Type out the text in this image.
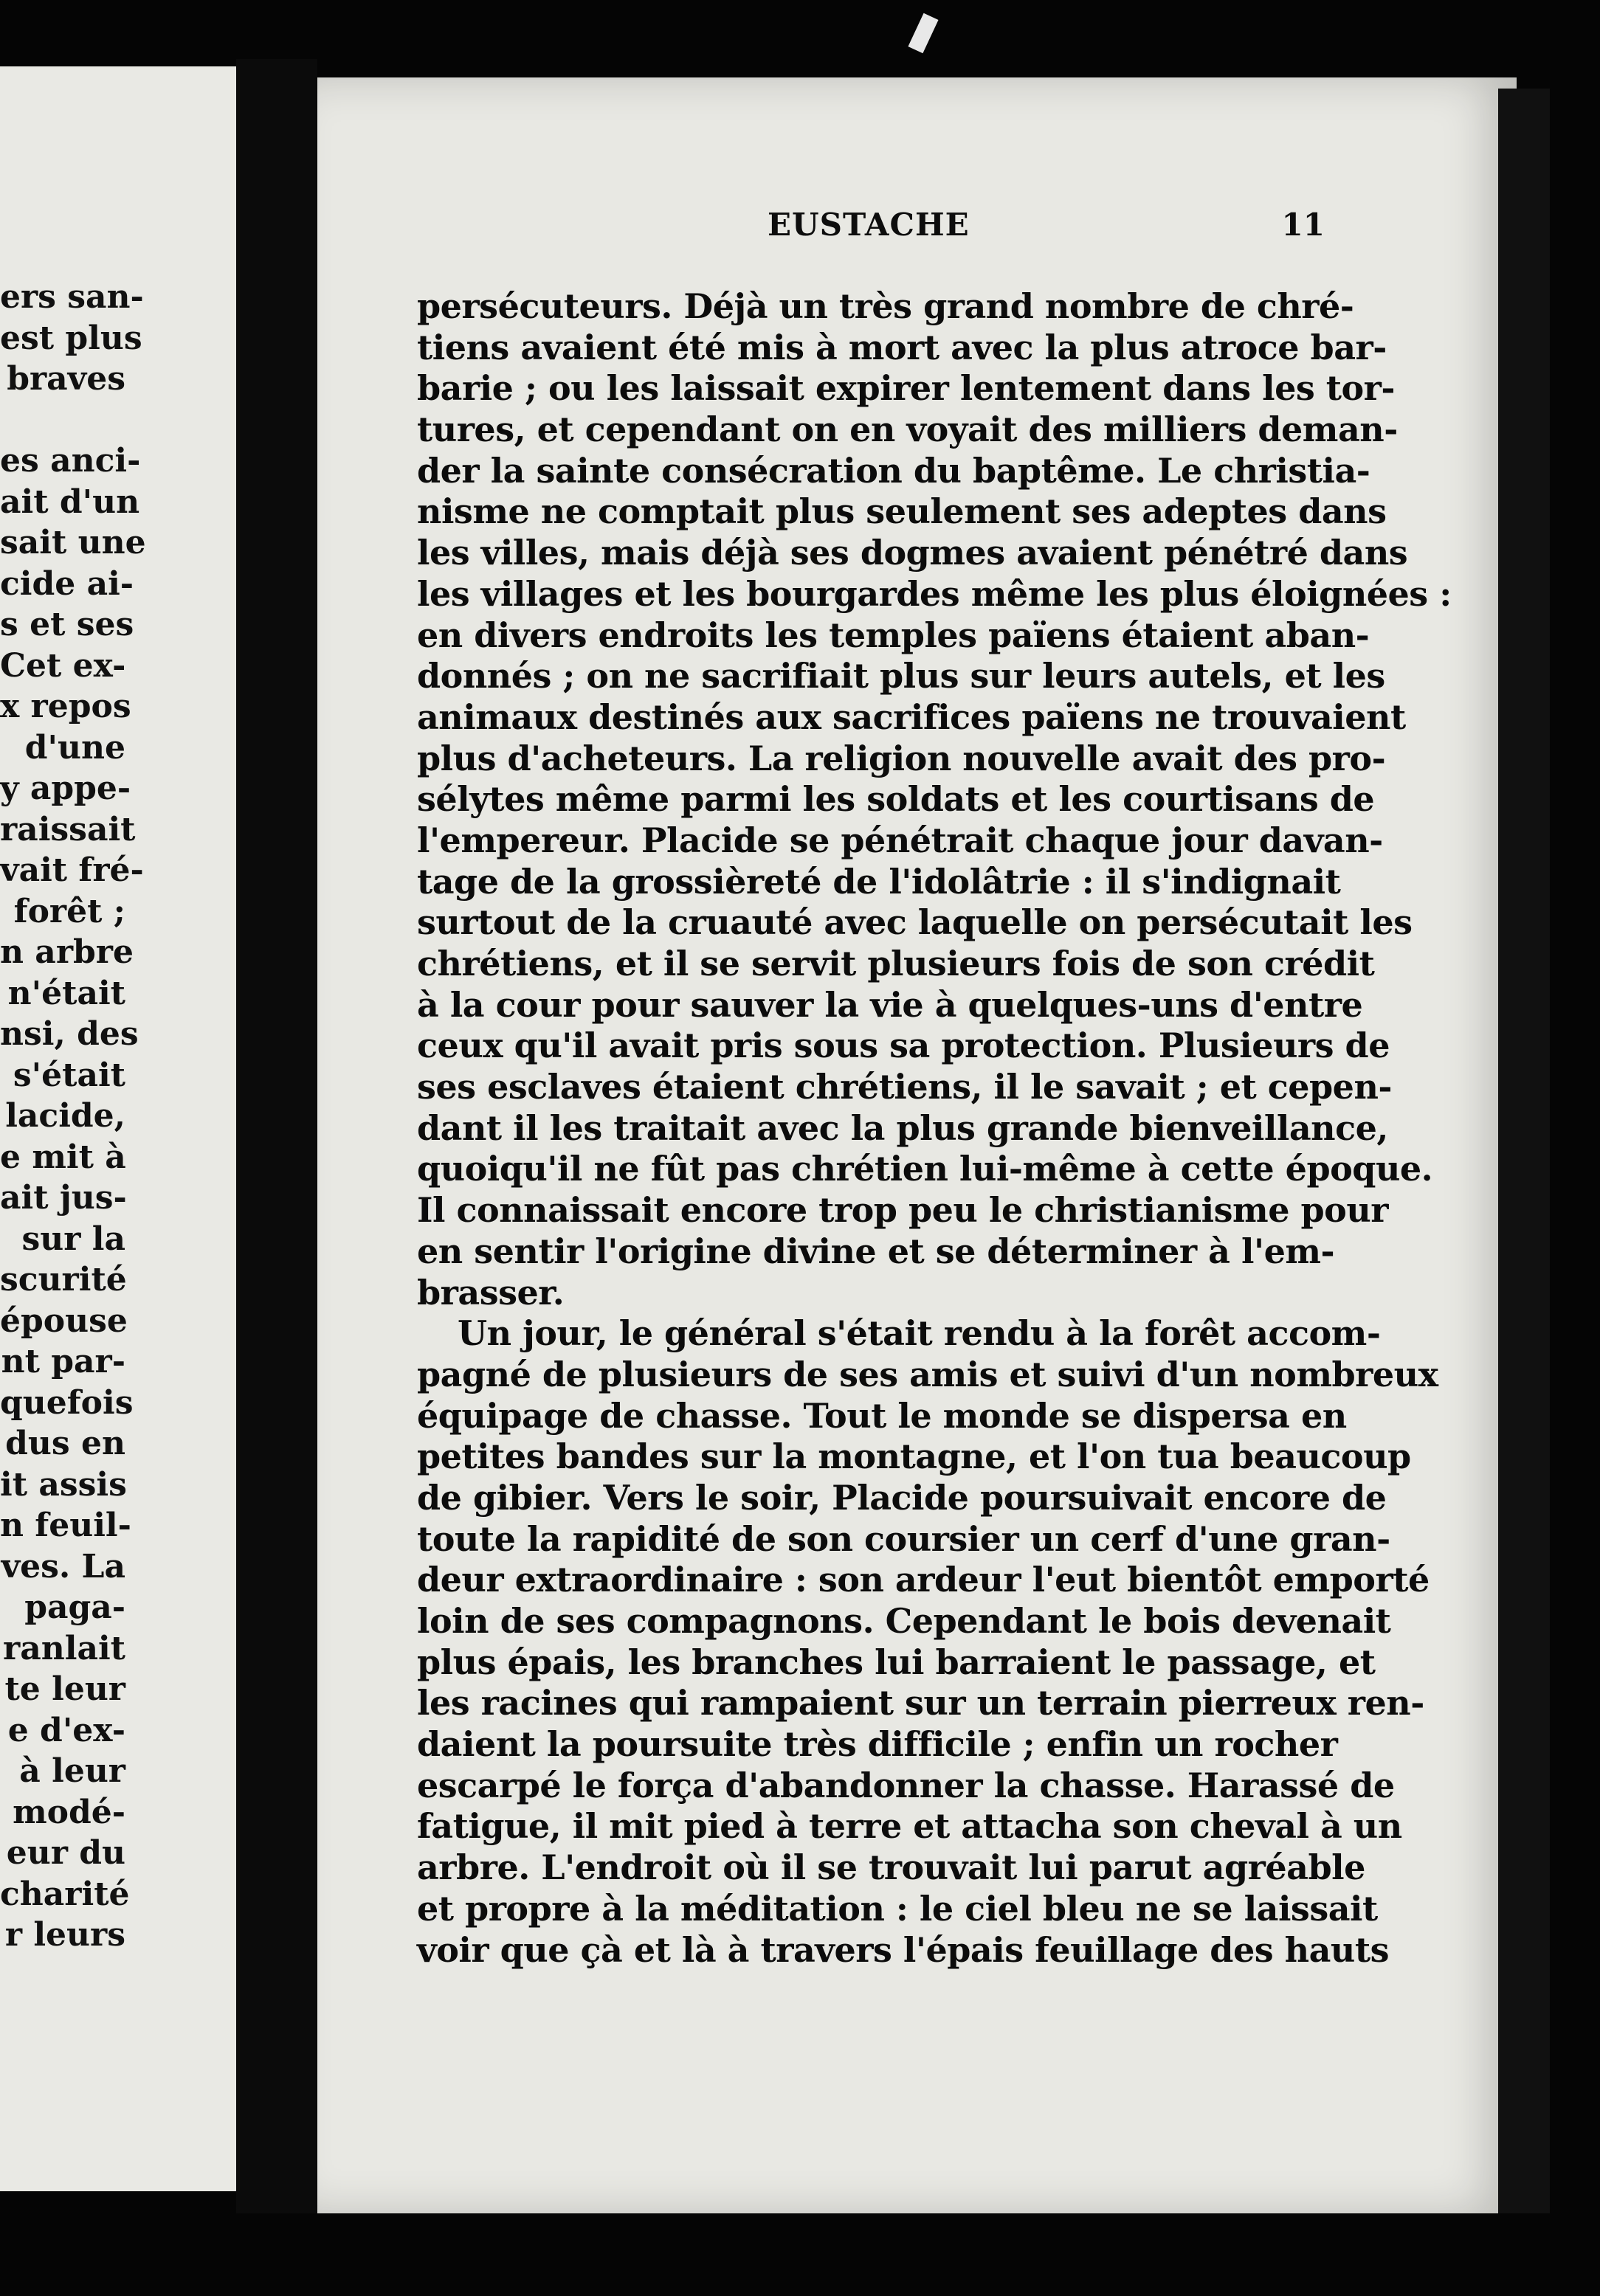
ers san-
est plus
braves
es anci-
ait d'un
sait une
cide ai-
s et ses
Cet ex-
x repos
d'une
y appe-
raissait
vait fré-
forêt ;
n arbre
n'était
nsi, des
s'était
lacide,
e mit à
ait jus-
sur la
scurité
épouse
nt par-
quefois
dus en
it assis
n feuil-
ves. La
paga-
ranlait
te leur
e d'ex-
à leur
modé-
eur du
charité
r leurs
EUSTACHE	11
persécuteurs. Déjà un très grand nombre de chré-
tiens avaient été mis à mort avec la plus atroce bar-
barie ; ou les laissait expirer lentement dans les tor-
tures, et cependant on en voyait des milliers deman-
der la sainte consécration du baptême. Le christia-
nisme ne comptait plus seulement ses adeptes dans
les villes, mais déjà ses dogmes avaient pénétré dans
les villages et les bourgardes même les plus éloignées :
en divers endroits les temples païens étaient aban-
donnés ; on ne sacrifiait plus sur leurs autels, et les
animaux destinés aux sacrifices païens ne trouvaient
plus d'acheteurs. La religion nouvelle avait des pro-
sélytes même parmi les soldats et les courtisans de
l'empereur. Placide se pénétrait chaque jour davan-
tage de la grossièreté de l'idolâtrie : il s'indignait
surtout de la cruauté avec laquelle on persécutait les
chrétiens, et il se servit plusieurs fois de son crédit
à la cour pour sauver la vie à quelques-uns d'entre
ceux qu'il avait pris sous sa protection. Plusieurs de
ses esclaves étaient chrétiens, il le savait ; et cepen-
dant il les traitait avec la plus grande bienveillance,
quoiqu'il ne fût pas chrétien lui-même à cette époque.
Il connaissait encore trop peu le christianisme pour
en sentir l'origine divine et se déterminer à l'em-
brasser.
Un jour, le général s'était rendu à la forêt accom-
pagné de plusieurs de ses amis et suivi d'un nombreux
équipage de chasse. Tout le monde se dispersa en
petites bandes sur la montagne, et l'on tua beaucoup
de gibier. Vers le soir, Placide poursuivait encore de
toute la rapidité de son coursier un cerf d'une gran-
deur extraordinaire : son ardeur l'eut bientôt emporté
loin de ses compagnons. Cependant le bois devenait
plus épais, les branches lui barraient le passage, et
les racines qui rampaient sur un terrain pierreux ren-
daient la poursuite très difficile ; enfin un rocher
escarpé le força d'abandonner la chasse. Harassé de
fatigue, il mit pied à terre et attacha son cheval à un
arbre. L'endroit où il se trouvait lui parut agréable
et propre à la méditation : le ciel bleu ne se laissait
voir que çà et là à travers l'épais feuillage des hauts
